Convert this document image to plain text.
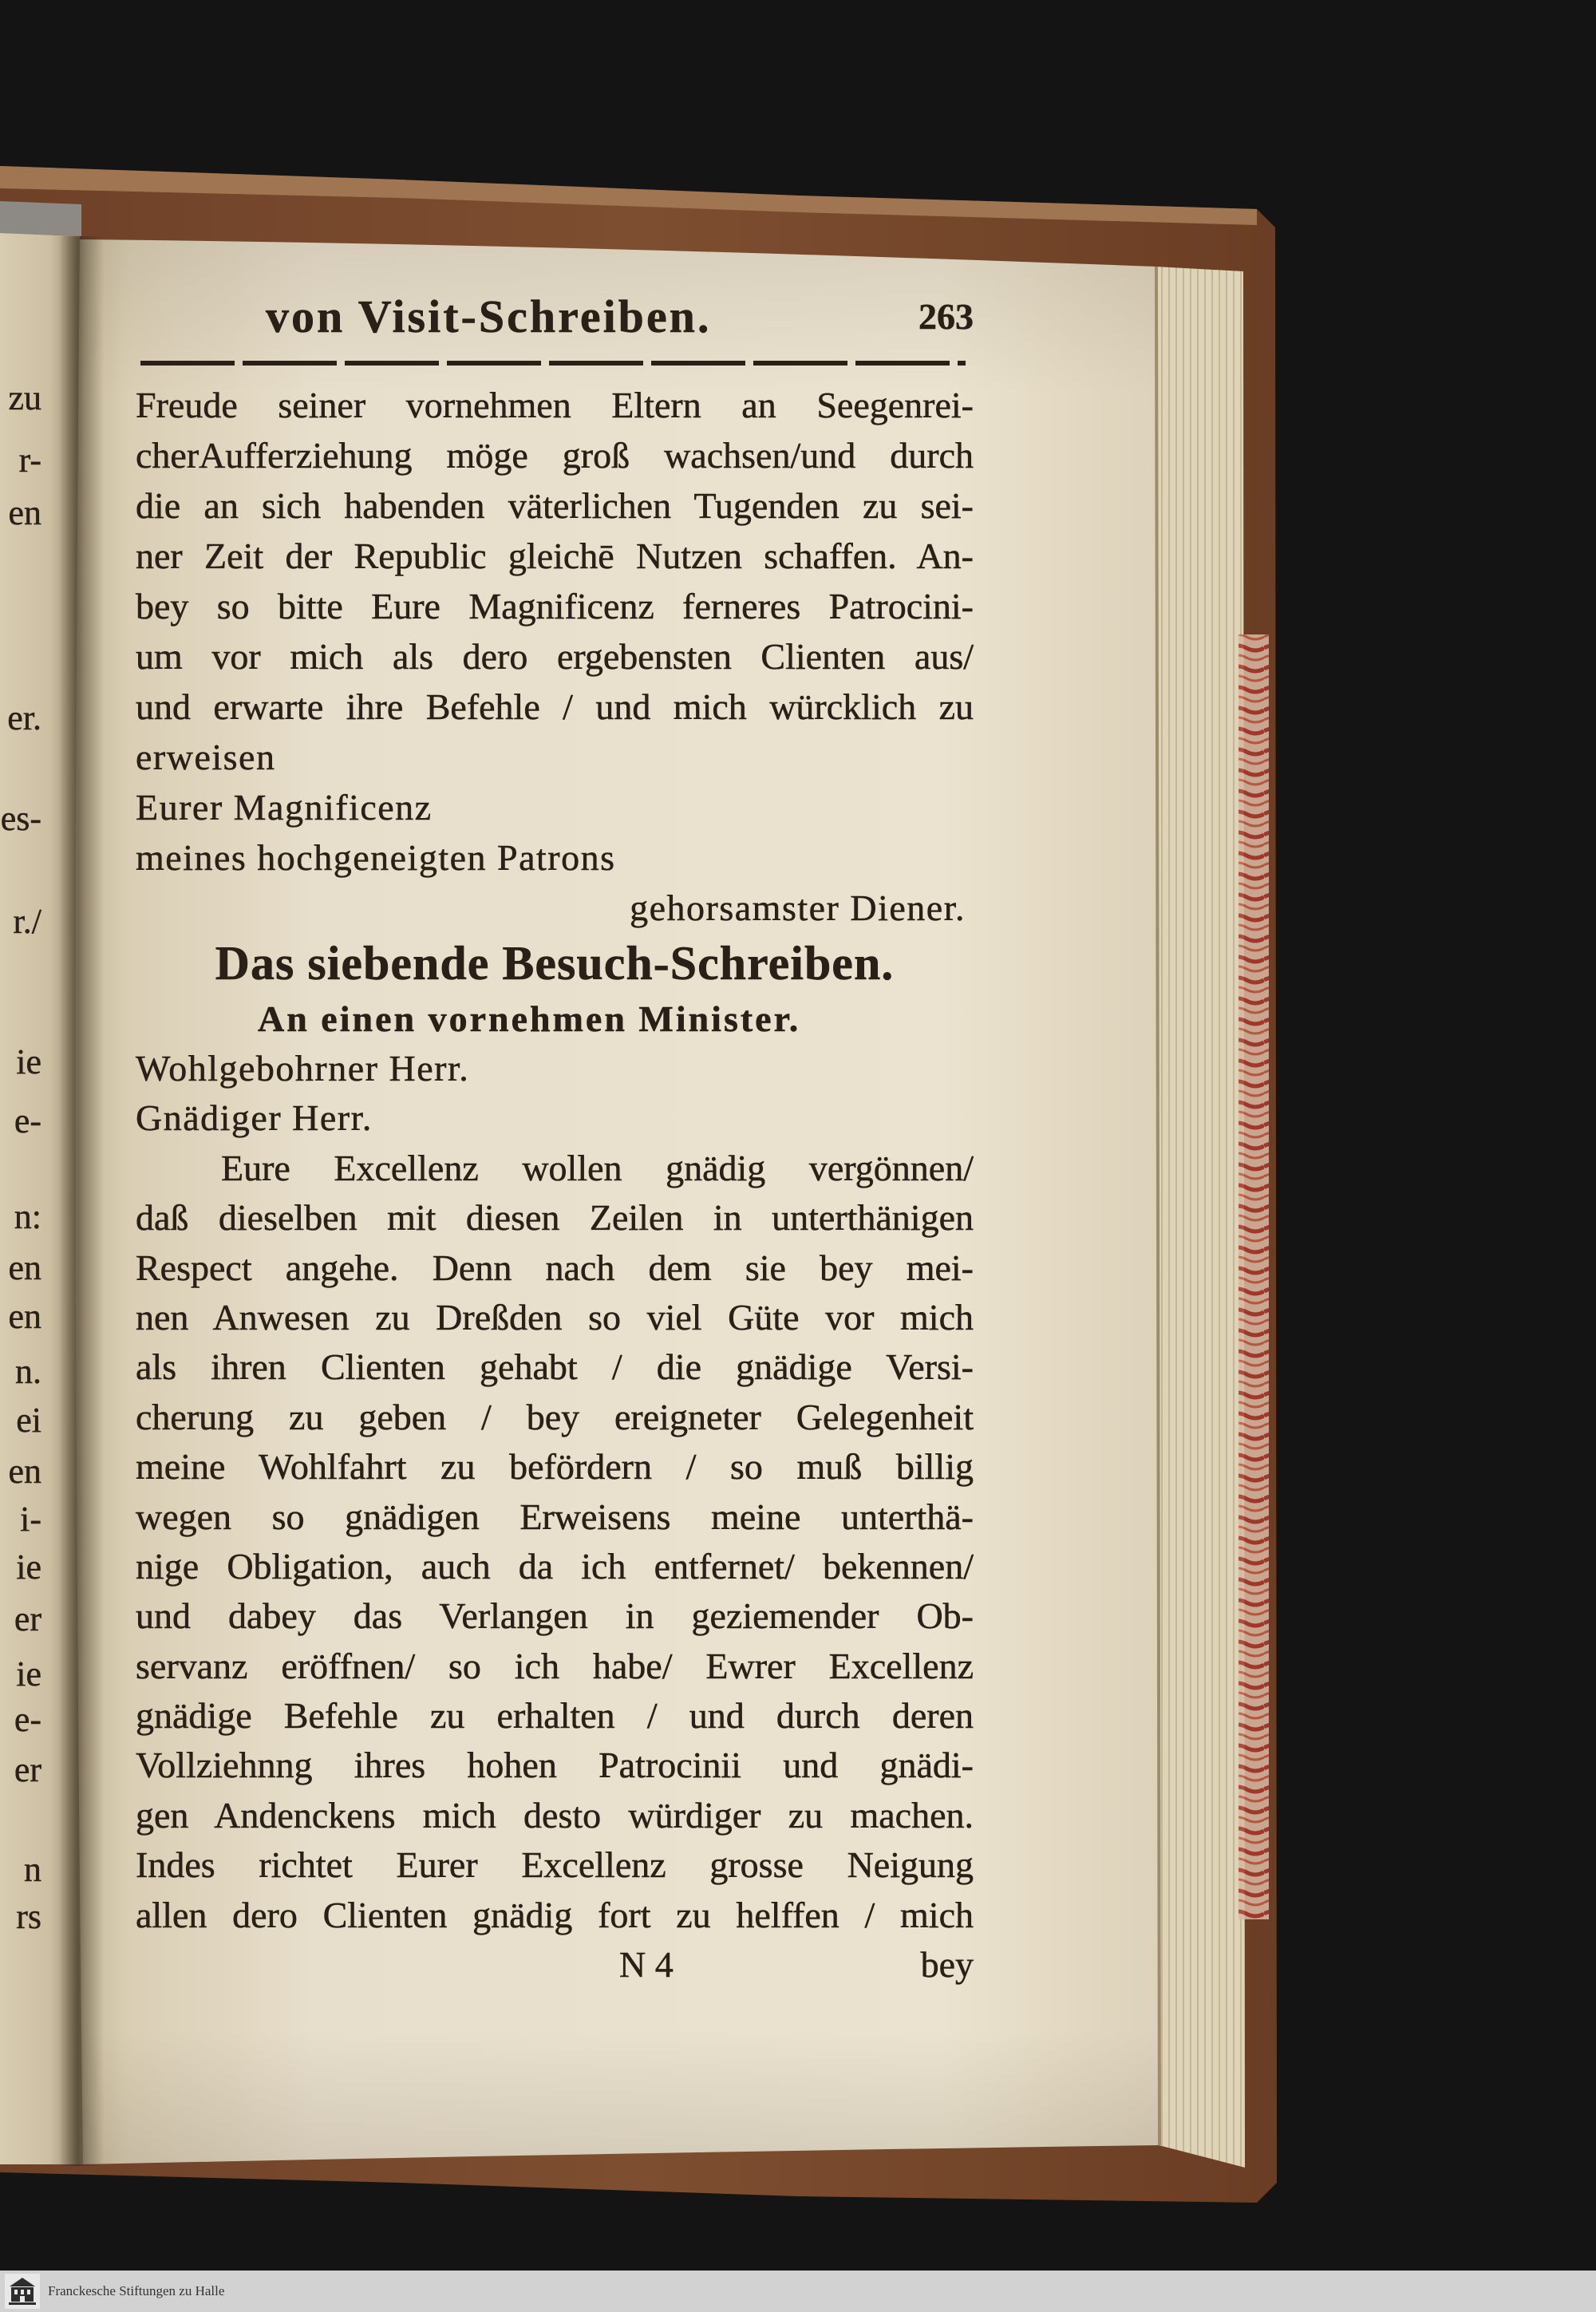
zu
r-
en
er.
es-
r./
ie
e-
n:
en
en
n.
ei
en
i-
ie
er
ie
e-
er
n
rs
von Visit-Schreiben.	263
Freude seiner vornehmen Eltern an Seegenrei-
cherAufferziehung möge groß wachsen/und durch
die an sich habenden väterlichen Tugenden zu sei-
ner Zeit der Republic gleichē Nutzen schaffen. An-
bey so bitte Eure Magnificenz ferneres Patrocini-
um vor mich als dero ergebensten Clienten aus/
und erwarte ihre Befehle / und mich würcklich zu
erweisen
Eurer Magnificenz
meines hochgeneigten Patrons
gehorsamster Diener.
Das siebende Besuch-Schreiben.
An einen vornehmen Minister.
Wohlgebohrner Herr.
Gnädiger Herr.
Eure Excellenz wollen gnädig vergönnen/
daß dieselben mit diesen Zeilen in unterthänigen
Respect angehe. Denn nach dem sie bey mei-
nen Anwesen zu Dreßden so viel Güte vor mich
als ihren Clienten gehabt / die gnädige Versi-
cherung zu geben / bey ereigneter Gelegenheit
meine Wohlfahrt zu befördern / so muß billig
wegen so gnädigen Erweisens meine unterthä-
nige Obligation, auch da ich entfernet/ bekennen/
und dabey das Verlangen in geziemender Ob-
servanz eröffnen/ so ich habe/ Ewrer Excellenz
gnädige Befehle zu erhalten / und durch deren
Vollziehnng ihres hohen Patrocinii und gnädi-
gen Andenckens mich desto würdiger zu machen.
Indes richtet Eurer Excellenz grosse Neigung
allen dero Clienten gnädig fort zu helffen / mich
N 4	bey
Franckesche Stiftungen zu Halle
